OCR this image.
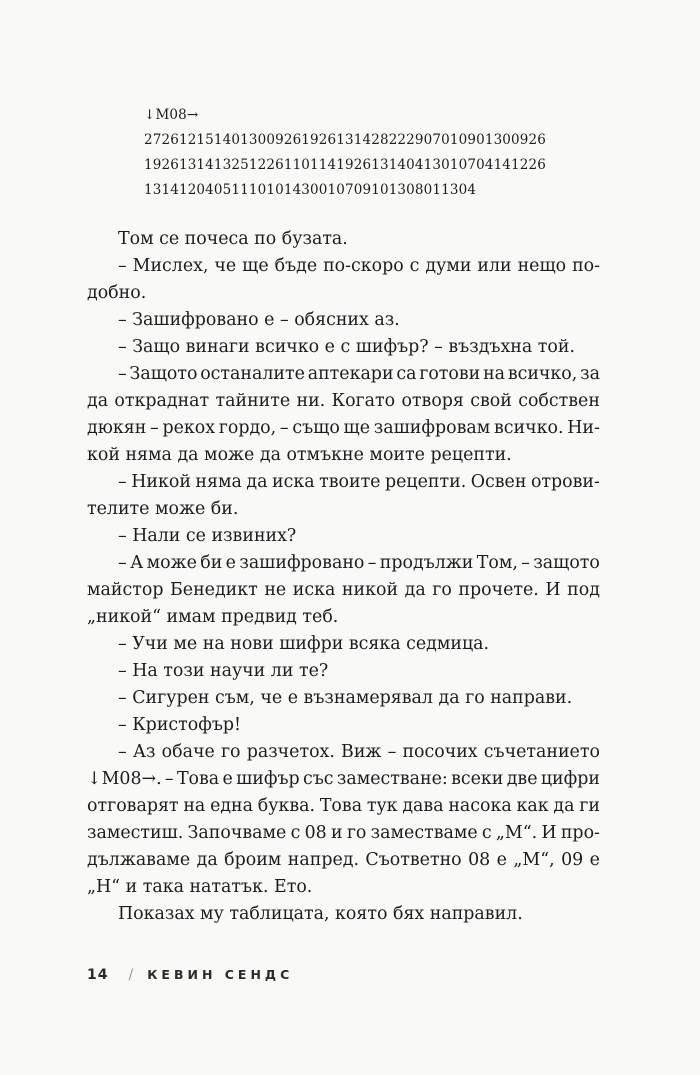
↓M08→
2726121514013009261926131428222907010901300926
1926131413251226110114192613140413010704141226
13141204051110101430010709101308011304
Том се почеса по бузата.
– Мислех, че ще бъде по-скоро с думи или нещо по-
добно.
– Зашифровано е – обясних аз.
– Защо винаги всичко е с шифър? – въздъхна той.
– Защото останалите аптекари са готови на всичко, за
да откраднат тайните ни. Когато отворя свой собствен
дюкян – рекох гордо, – също ще зашифровам всичко. Ни-
кой няма да може да отмъкне моите рецепти.
– Никой няма да иска твоите рецепти. Освен отрови-
телите може би.
– Нали се извиних?
– А може би е зашифровано – продължи Том, – защото
майстор Бенедикт не иска никой да го прочете. И под
„никой“ имам предвид теб.
– Учи ме на нови шифри всяка седмица.
– На този научи ли те?
– Сигурен съм, че е възнамерявал да го направи.
– Кристофър!
– Аз обаче го разчетох. Виж – посочих съчетанието
↓M08→. – Това е шифър със заместване: всеки две цифри
отговарят на една буква. Това тук дава насока как да ги
заместиш. Започваме с 08 и го заместваме с „М“. И про-
дължаваме да броим напред. Съответно 08 е „М“, 09 е
„Н“ и така нататък. Ето.
Показах му таблицата, която бях направил.
14 / КЕВИН СЕНДС
